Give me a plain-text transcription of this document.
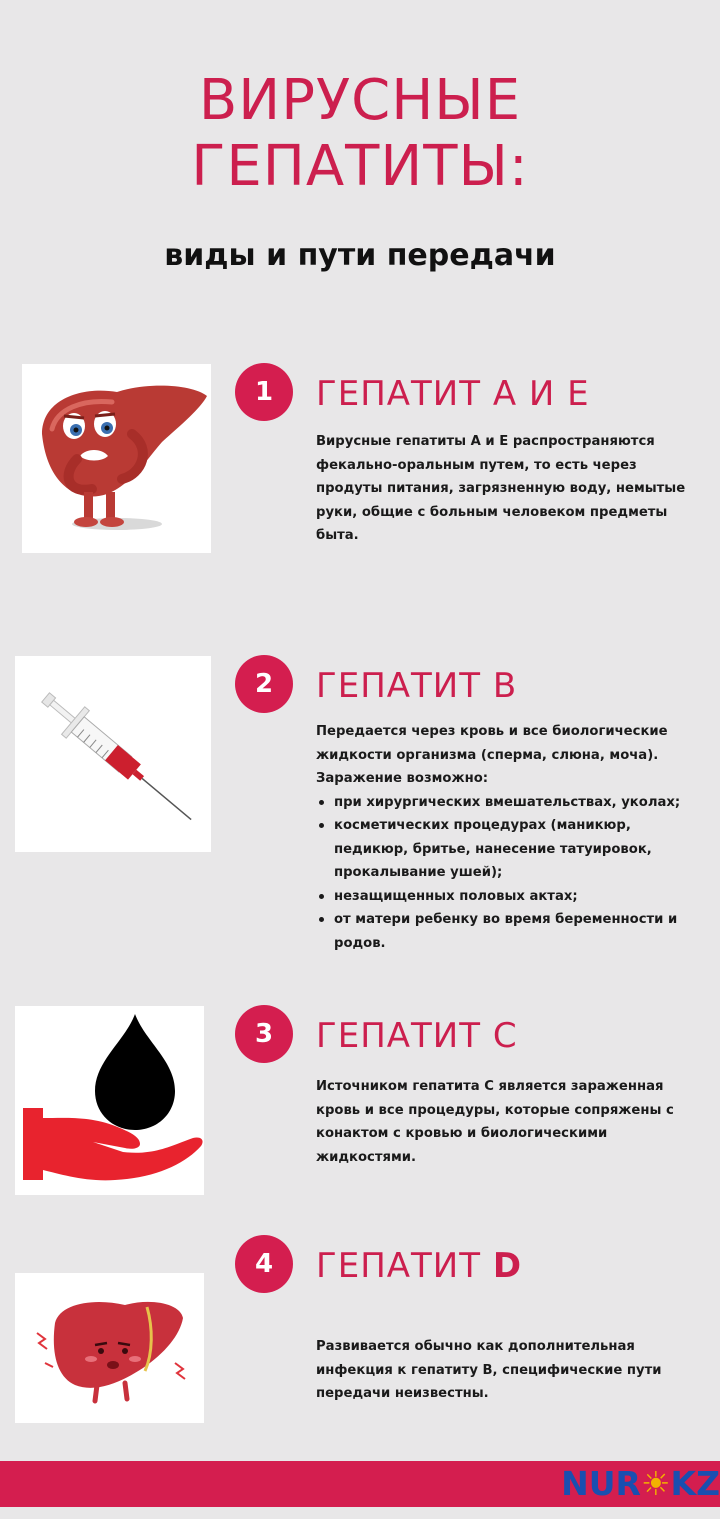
ВИРУСНЫЕ
ГЕПАТИТЫ:
виды и пути передачи
1	ГЕПАТИТ А И Е

Вирусные гепатиты А и Е распространяются фекально-оральным путем, то есть через продуты питания, загрязненную воду, немытые руки, общие с больным человеком предметы быта.

2	ГЕПАТИТ В

Передается через кровь и все биологические жидкости организма (сперма, слюна, моча).

Заражение возможно:

при хирургических вмешательствах, уколах;
косметических процедурах (маникюр, педикюр, бритье, нанесение татуировок, прокалывание ушей);
незащищенных половых актах;
от матери ребенку во время беременности и родов.
3	ГЕПАТИТ С

Источником гепатита С является зараженная кровь и все процедуры, которые сопряжены с конактом с кровью и биологическими жидкостями.

4	ГЕПАТИТ D

Развивается обычно как дополнительная инфекция к гепатиту В, специфические пути передачи неизвестны.

NUR☀KZ
